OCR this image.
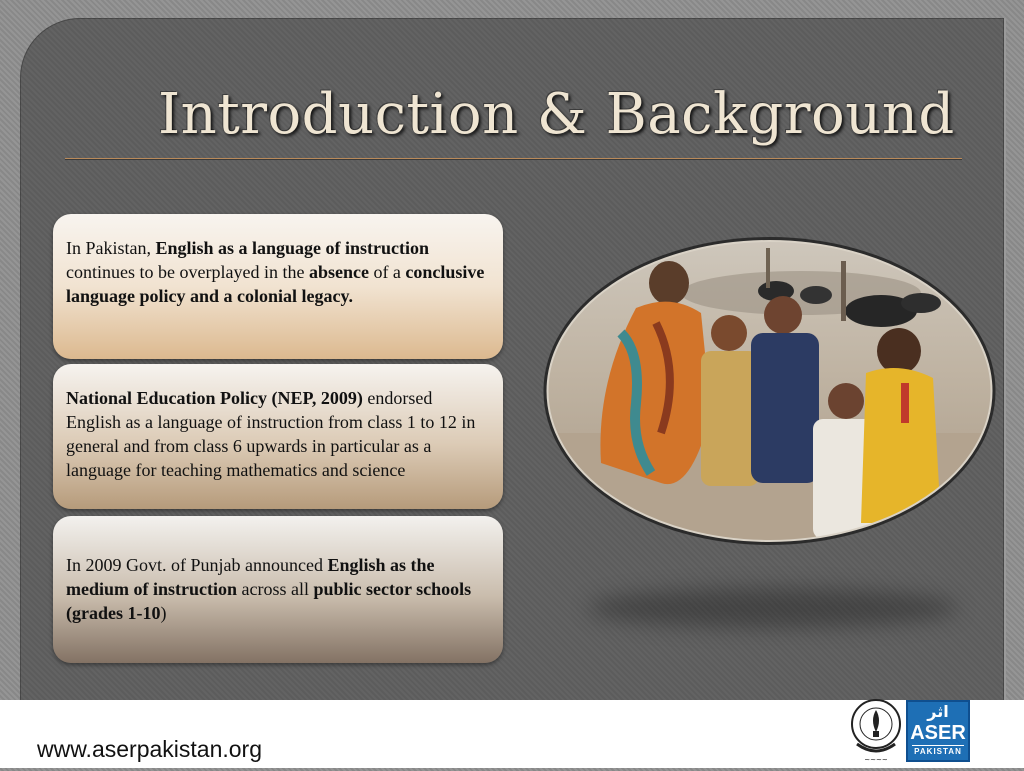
Introduction & Background
In Pakistan, English as a language of instruction continues to be overplayed in the absence of a conclusive language policy and a colonial legacy.
National Education Policy (NEP, 2009) endorsed English as a language of instruction from class 1 to 12 in general and from class 6 upwards in particular as a language for teaching mathematics and science
In 2009 Govt. of Punjab announced English as the medium of instruction across all public sector schools (grades 1-10)
www.aserpakistan.org	~~~~
اثر
ASER
PAKISTAN
